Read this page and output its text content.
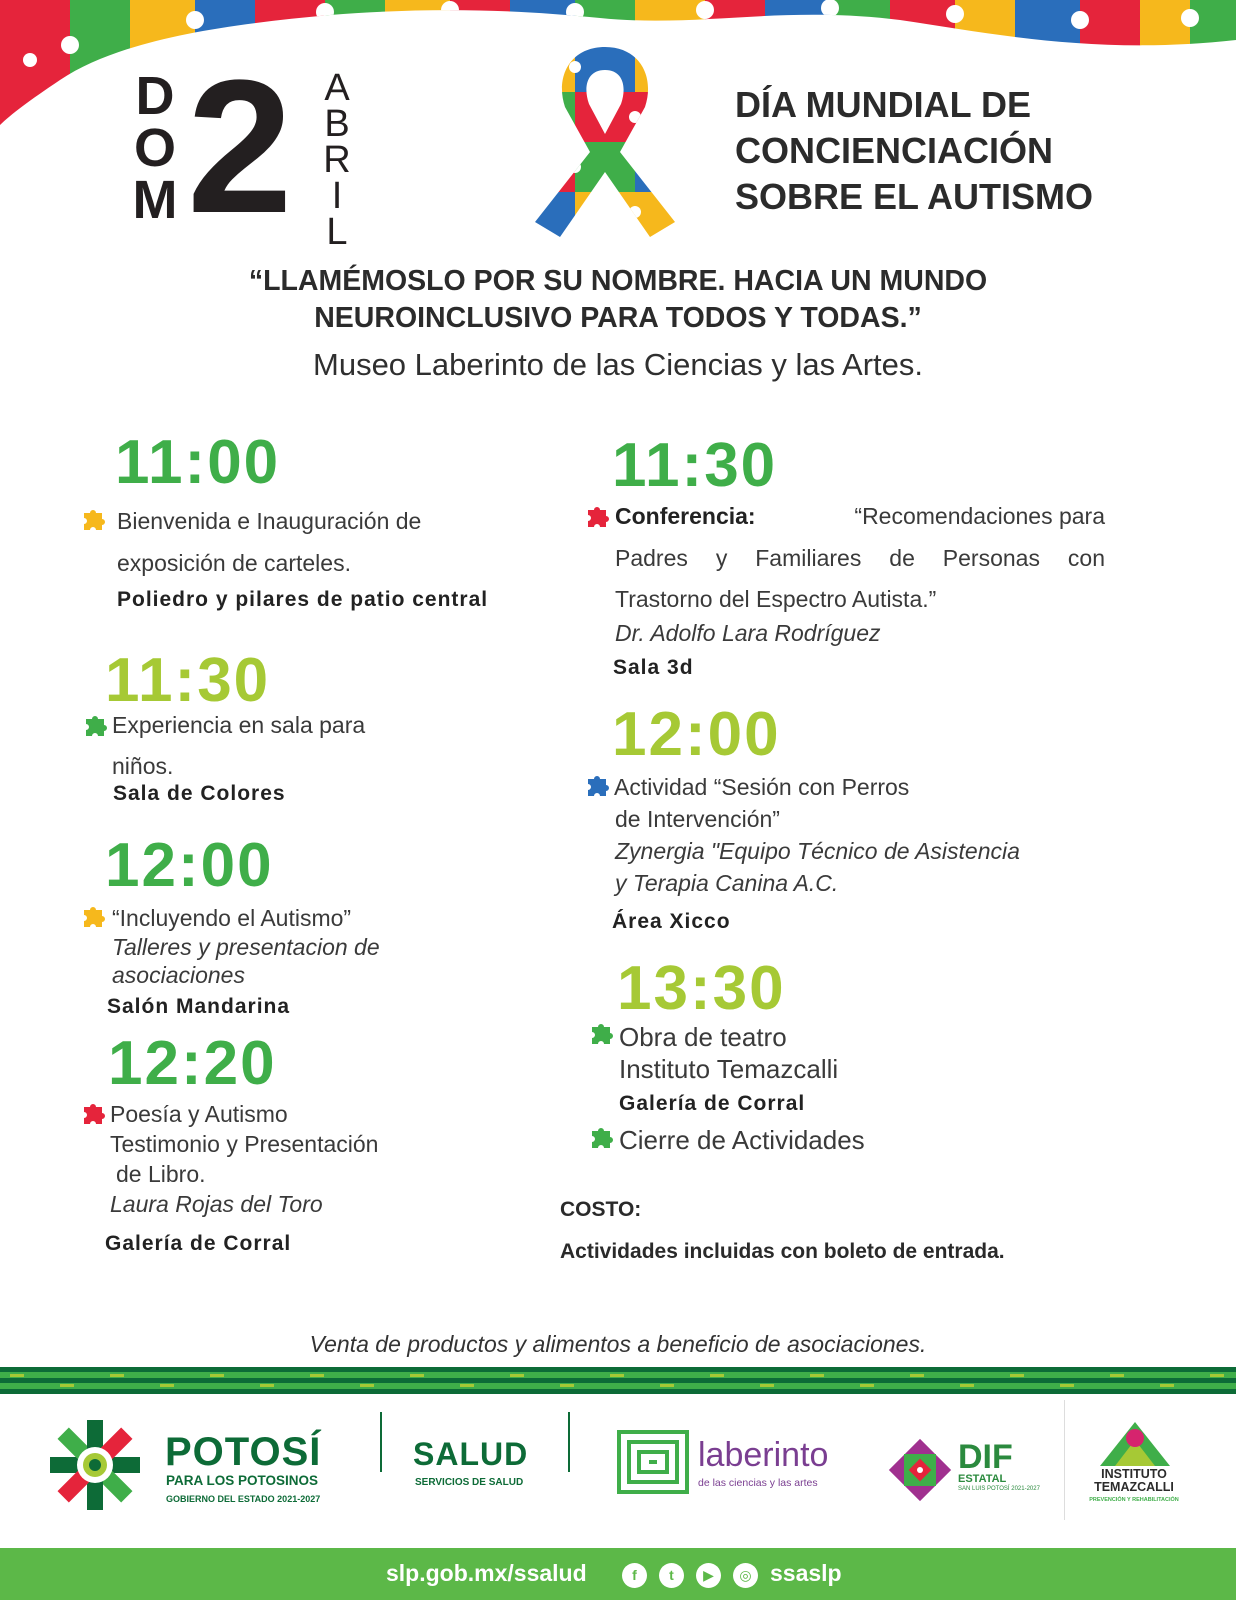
D
O
M 2 A
B
R
I
L
DÍA MUNDIAL DE
CONCIENCIACIÓN
SOBRE EL AUTISMO
“LLAMÉMOSLO POR SU NOMBRE. HACIA UN MUNDO
NEUROINCLUSIVO PARA TODOS Y TODAS.”
Museo Laberinto de las Ciencias y las Artes.
11:00
Bienvenida e Inauguración de
exposición de carteles.
Poliedro y pilares de patio central
11:30
Experiencia en sala para
niños.
Sala de Colores
12:00
“Incluyendo el Autismo”
Talleres y presentacion de
asociaciones
Salón Mandarina
12:20
Poesía y Autismo
Testimonio y Presentación
de Libro.
Laura Rojas del Toro
Galería de Corral
11:30
Conferencia:	“Recomendaciones para
Padres y Familiares de Personas con
Trastorno del Espectro Autista.”
Dr. Adolfo Lara Rodríguez
Sala 3d
12:00
Actividad “Sesión con Perros
de Intervención”
Zynergia "Equipo Técnico de Asistencia
y Terapia Canina A.C.
Área Xicco
13:30
Obra de teatro
Instituto Temazcalli
Galería de Corral
Cierre de Actividades
COSTO:
Actividades incluidas con boleto de entrada.
Venta de productos y alimentos a beneficio de asociaciones.
POTOSÍ
PARA LOS POTOSINOS
GOBIERNO DEL ESTADO 2021-2027
SALUD
SERVICIOS DE SALUD
laberinto
de las ciencias y las artes
DIF
ESTATAL
SAN LUIS POTOSÍ 2021-2027
INSTITUTO
TEMAZCALLI
PREVENCIÓN Y REHABILITACIÓN
slp.gob.mx/ssalud	f	t	▶	◎ ssaslp
